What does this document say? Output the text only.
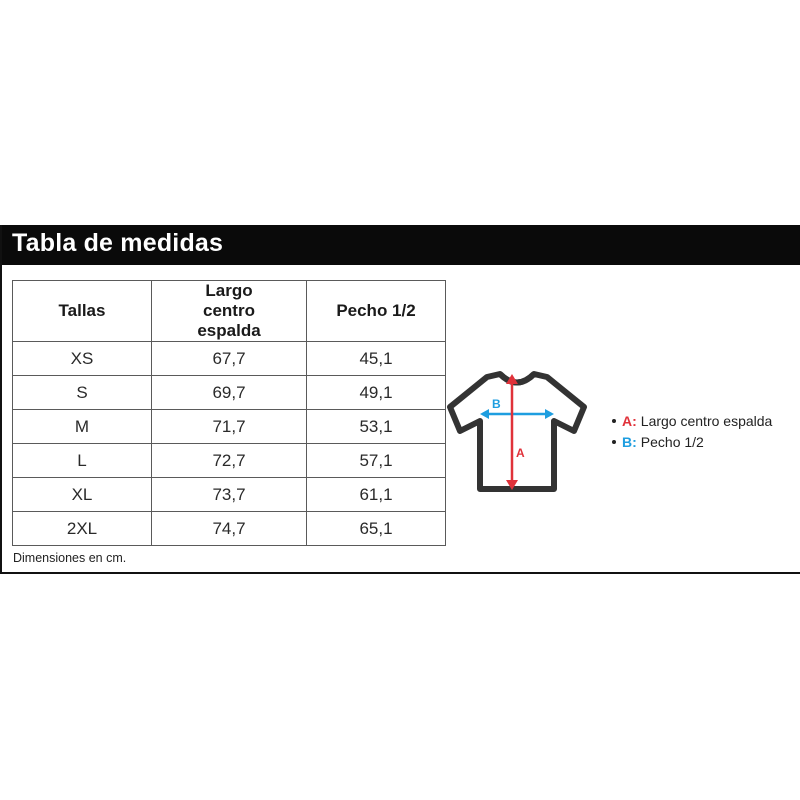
Tabla de medidas
Tallas	Largo centro espalda	Pecho 1/2
XS	67,7	45,1
S	69,7	49,1
M	71,7	53,1
L	72,7	57,1
XL	73,7	61,1
2XL	74,7	65,1
Dimensiones en cm.
B
A
A: Largo centro espalda
B: Pecho 1/2
